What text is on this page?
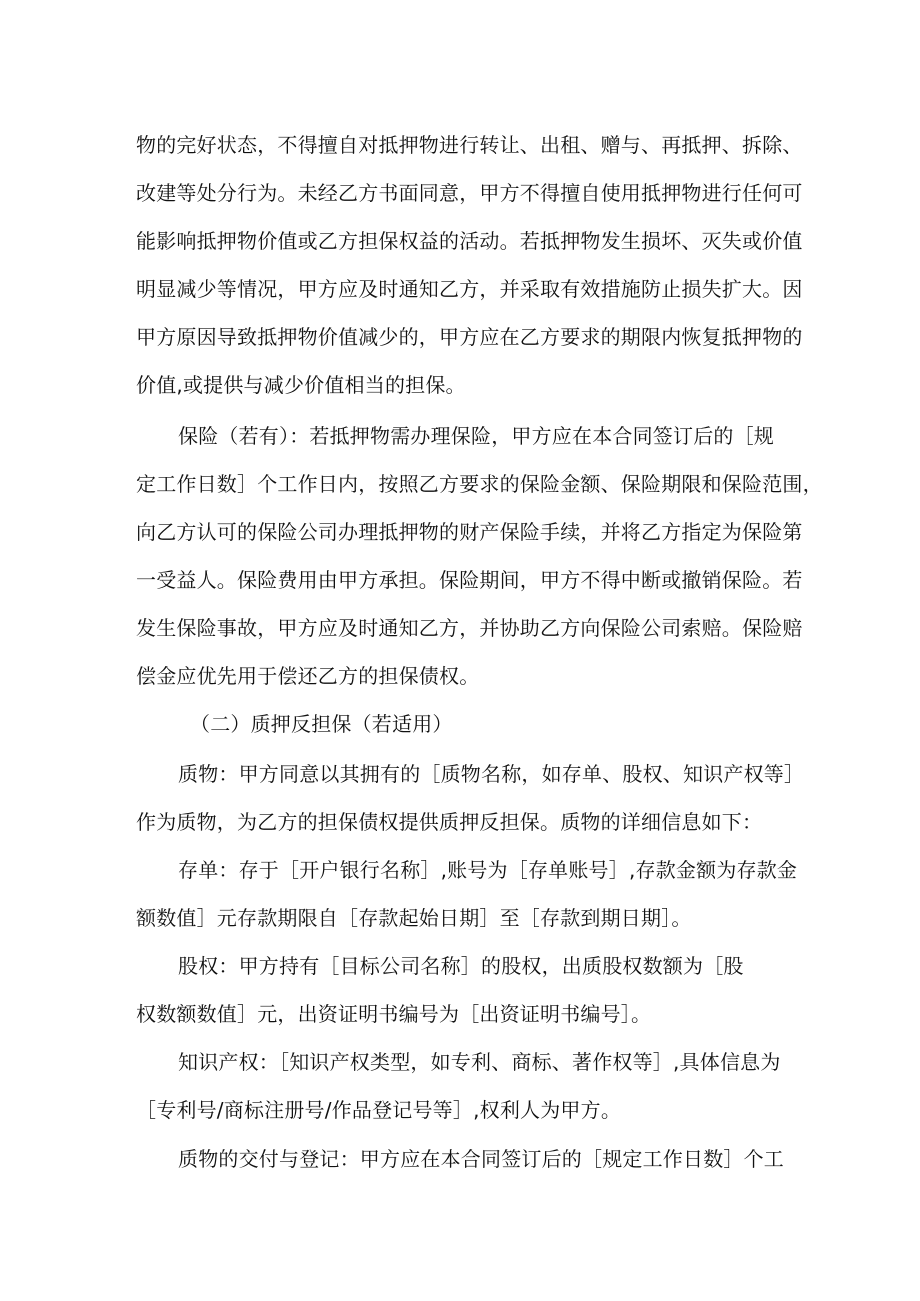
物的完好状态，不得擅自对抵押物进行转让、出租、赠与、再抵押、拆除、
改建等处分行为。未经乙方书面同意，甲方不得擅自使用抵押物进行任何可
能影响抵押物价值或乙方担保权益的活动。若抵押物发生损坏、灭失或价值
明显减少等情况，甲方应及时通知乙方，并采取有效措施防止损失扩大。因
甲方原因导致抵押物价值减少的，甲方应在乙方要求的期限内恢复抵押物的
价值,或提供与减少价值相当的担保。
保险（若有）：若抵押物需办理保险，甲方应在本合同签订后的［规
定工作日数］个工作日内，按照乙方要求的保险金额、保险期限和保险范围，
向乙方认可的保险公司办理抵押物的财产保险手续，并将乙方指定为保险第
一受益人。保险费用由甲方承担。保险期间，甲方不得中断或撤销保险。若
发生保险事故，甲方应及时通知乙方，并协助乙方向保险公司索赔。保险赔
偿金应优先用于偿还乙方的担保债权。
（二）质押反担保（若适用）
质物：甲方同意以其拥有的［质物名称，如存单、股权、知识产权等］
作为质物，为乙方的担保债权提供质押反担保。质物的详细信息如下：
存单：存于［开户银行名称］,账号为［存单账号］,存款金额为存款金
额数值］元存款期限自［存款起始日期］至［存款到期日期］。
股权：甲方持有［目标公司名称］的股权，出质股权数额为［股
权数额数值］元，出资证明书编号为［出资证明书编号］。
知识产权：［知识产权类型，如专利、商标、著作权等］,具体信息为
［专利号/商标注册号/作品登记号等］,权利人为甲方。
质物的交付与登记：甲方应在本合同签订后的［规定工作日数］个工
